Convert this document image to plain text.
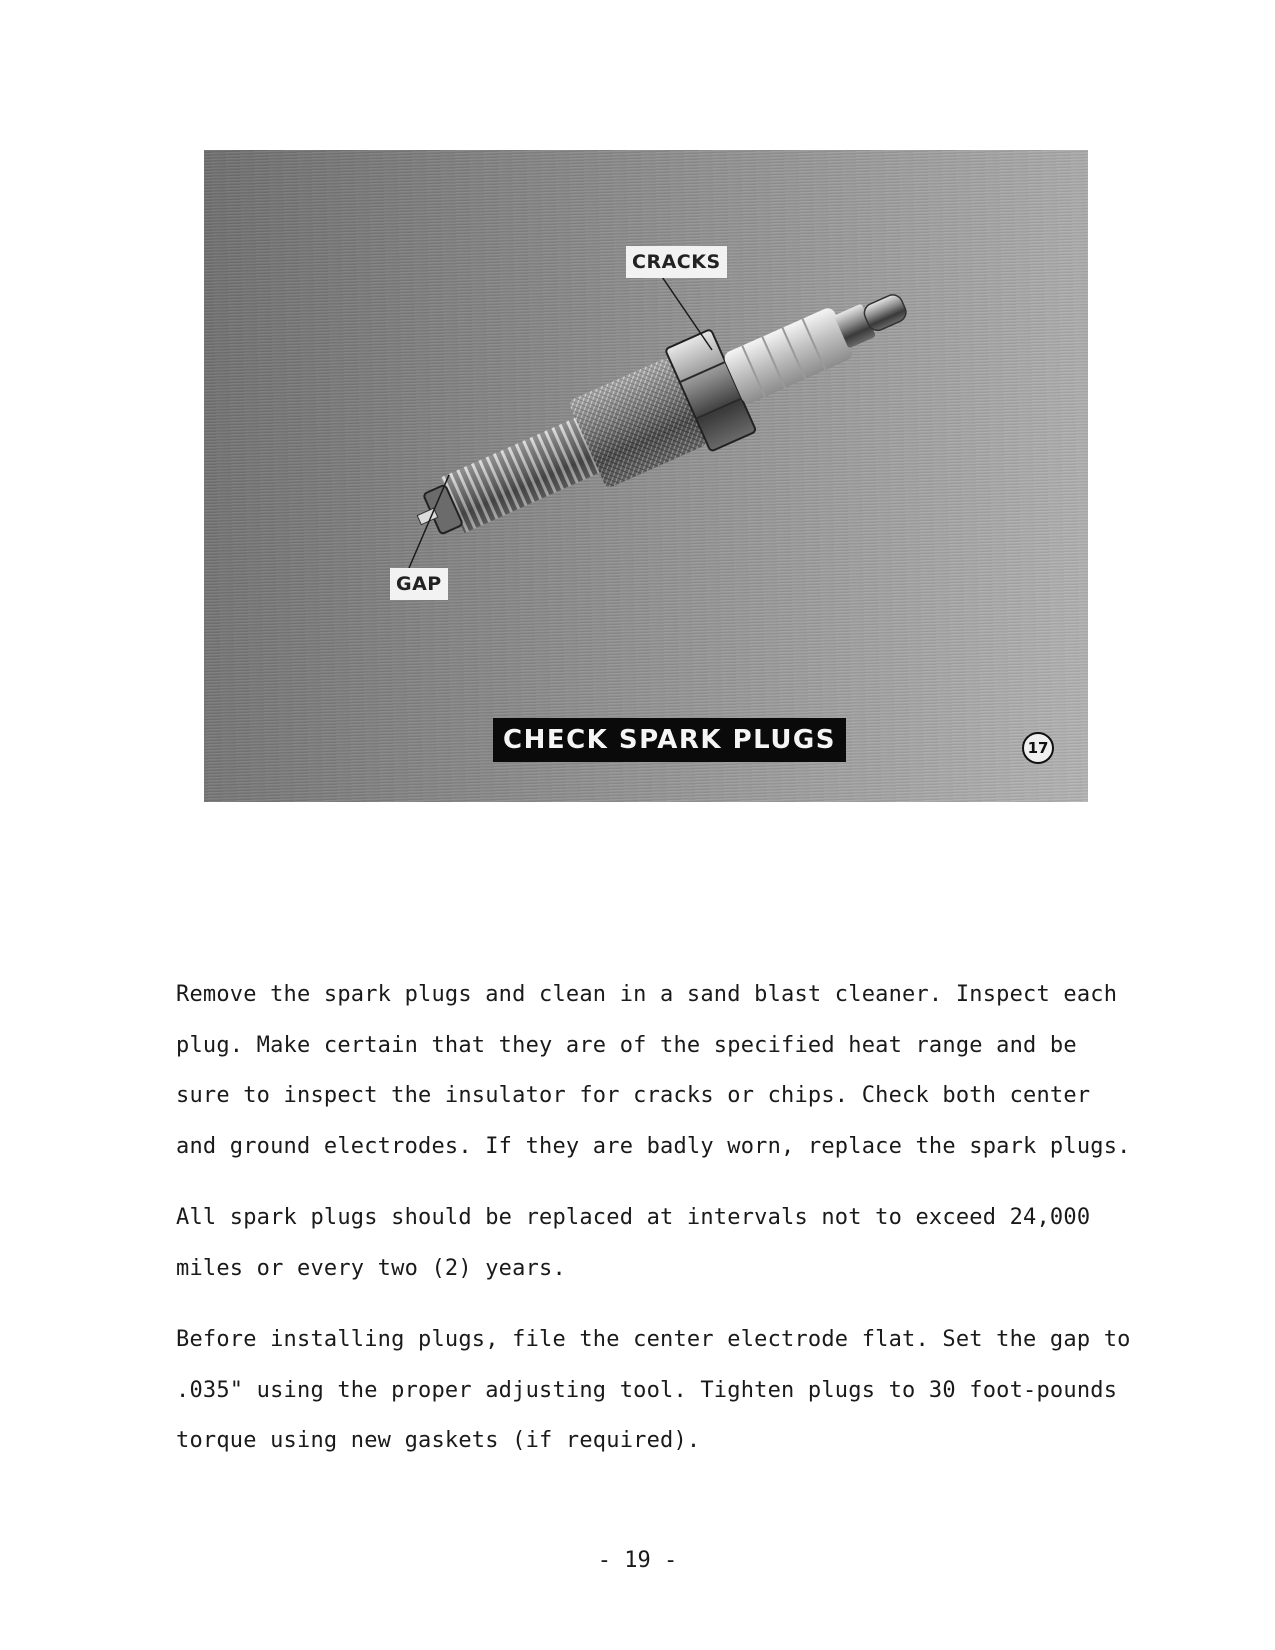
CRACKS
GAP
CHECK SPARK PLUGS	17

Remove the spark plugs and clean in a sand blast cleaner. Inspect each plug. Make certain that they are of the specified heat range and be sure to inspect the insulator for cracks or chips. Check both center and ground electrodes. If they are badly worn, replace the spark plugs.

All spark plugs should be replaced at intervals not to exceed 24,000 miles or every two (2) years.

Before installing plugs, file the center electrode flat. Set the gap to .035" using the proper adjusting tool. Tighten plugs to 30 foot-pounds torque using new gaskets (if required).

- 19 -
